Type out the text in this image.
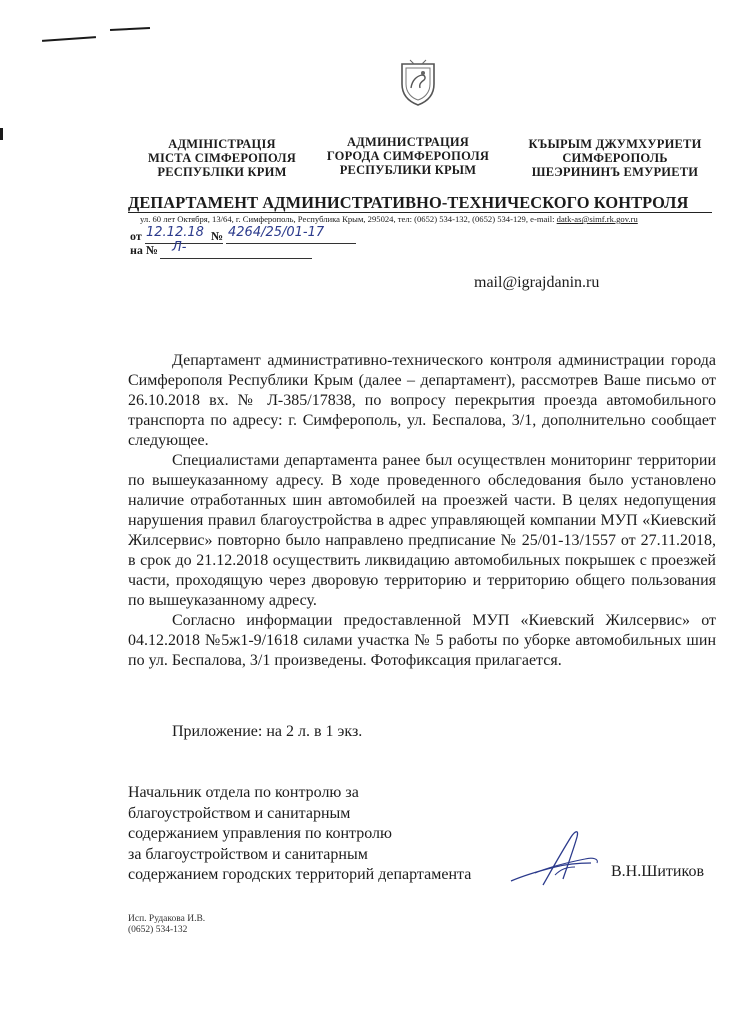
АДМІНІСТРАЦІЯ
МІСТА СІМФЕРОПОЛЯ
РЕСПУБЛІКИ КРИМ
АДМИНИСТРАЦИЯ
ГОРОДА СИМФЕРОПОЛЯ
РЕСПУБЛИКИ КРЫМ
КЪЫРЫМ ДЖУМХУРИЕТИ
СИМФЕРОПОЛЬ
ШЕЭРИНИНЪ ЕМУРИЕТИ
ДЕПАРТАМЕНТ АДМИНИСТРАТИВНО-ТЕХНИЧЕСКОГО КОНТРОЛЯ
ул. 60 лет Октября, 13/64, г. Симферополь, Республика Крым, 295024, тел: (0652) 534-132, (0652) 534-129, e-mail: datk-as@simf.rk.gov.ru
от 12.12.18 № 4264/25/01-17
на № Л-
mail@igrajdanin.ru

Департамент административно-технического контроля администрации города Симферополя Республики Крым (далее – департамент), рассмотрев Ваше письмо от 26.10.2018 вх. № Л-385/17838, по вопросу перекрытия проезда автомобильного транспорта по адресу: г. Симферополь, ул. Беспалова, 3/1, дополнительно сообщает следующее.

Специалистами департамента ранее был осуществлен мониторинг территории по вышеуказанному адресу. В ходе проведенного обследования было установлено наличие отработанных шин автомобилей на проезжей части. В целях недопущения нарушения правил благоустройства в адрес управляющей компании МУП «Киевский Жилсервис» повторно было направлено предписание № 25/01-13/1557 от 27.11.2018, в срок до 21.12.2018 осуществить ликвидацию автомобильных покрышек с проезжей части, проходящую через дворовую территорию и территорию общего пользования по вышеуказанному адресу.

Согласно информации предоставленной МУП «Киевский Жилсервис» от 04.12.2018 №5ж1-9/1618 силами участка № 5 работы по уборке автомобильных шин по ул. Беспалова, 3/1 произведены. Фотофиксация прилагается.

Приложение: на 2 л. в 1 экз.
Начальник отдела по контролю за
благоустройством и санитарным
содержанием управления по контролю
за благоустройством и санитарным
содержанием городских территорий департамента	В.Н.Шитиков
Исп. Рудакова И.В.
(0652) 534-132
